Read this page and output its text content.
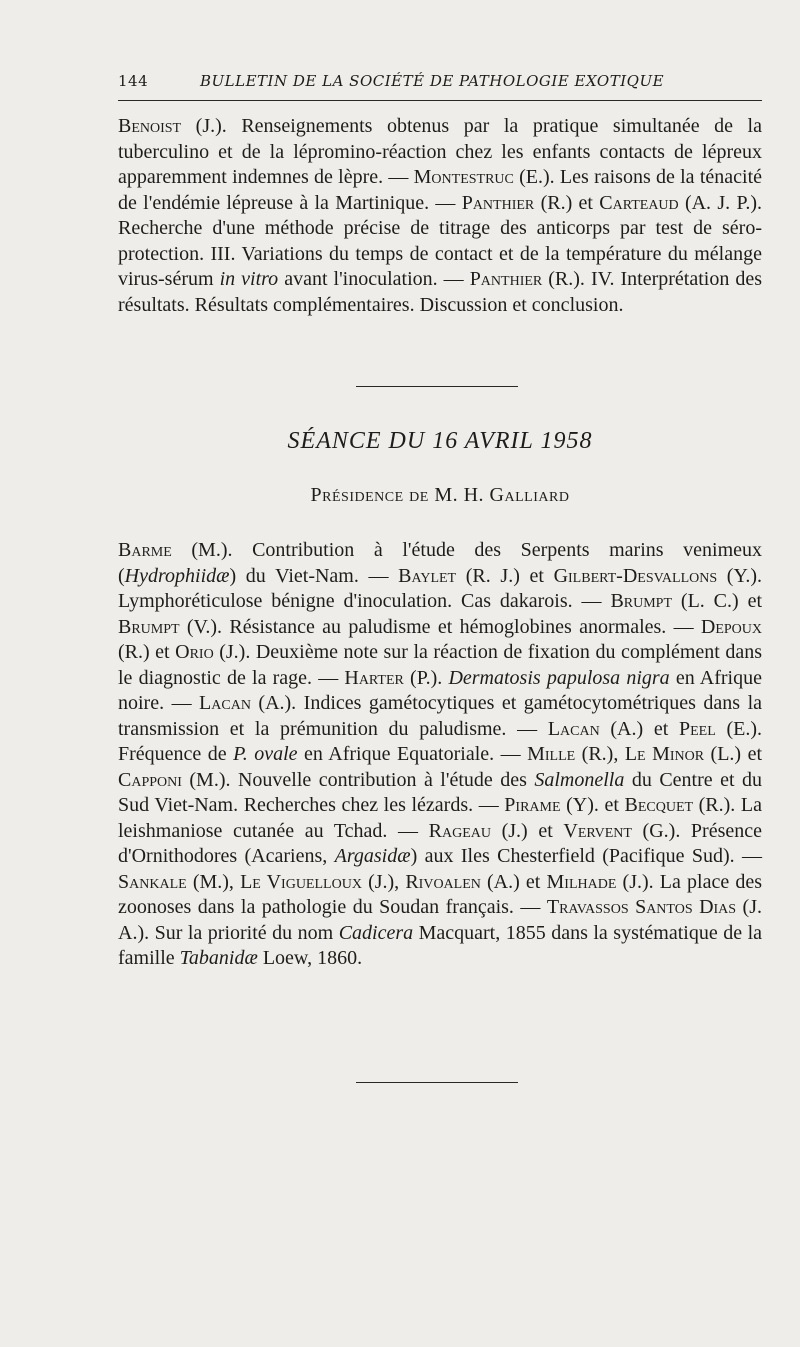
144	BULLETIN DE LA SOCIÉTÉ DE PATHOLOGIE EXOTIQUE

Benoist (J.). Renseignements obtenus par la pratique simultanée de la tuberculino et de la lépromino-réaction chez les enfants contacts de lépreux apparemment indemnes de lèpre. — Montestruc (E.). Les raisons de la ténacité de l'endémie lépreuse à la Martinique. — Panthier (R.) et Carteaud (A. J. P.). Recherche d'une méthode précise de titrage des anticorps par test de séro-protection. III. Variations du temps de contact et de la température du mélange virus-sérum in vitro avant l'inoculation. — Panthier (R.). IV. Interprétation des résultats. Résultats complémentaires. Discussion et conclusion.

SÉANCE DU 16 AVRIL 1958
Présidence de M. H. Galliard

Barme (M.). Contribution à l'étude des Serpents marins venimeux (Hydrophiidæ) du Viet-Nam. — Baylet (R. J.) et Gilbert-Desvallons (Y.). Lymphoréticulose bénigne d'inoculation. Cas dakarois. — Brumpt (L. C.) et Brumpt (V.). Résistance au paludisme et hémoglobines anormales. — Depoux (R.) et Orio (J.). Deuxième note sur la réaction de fixation du complément dans le diagnostic de la rage. — Harter (P.). Dermatosis papulosa nigra en Afrique noire. — Lacan (A.). Indices gamétocytiques et gamétocytométriques dans la transmission et la prémunition du paludisme. — Lacan (A.) et Peel (E.). Fréquence de P. ovale en Afrique Equatoriale. — Mille (R.), Le Minor (L.) et Capponi (M.). Nouvelle contribution à l'étude des Salmonella du Centre et du Sud Viet-Nam. Recherches chez les lézards. — Pirame (Y). et Becquet (R.). La leishmaniose cutanée au Tchad. — Rageau (J.) et Vervent (G.). Présence d'Ornithodores (Acariens, Argasidæ) aux Iles Chesterfield (Pacifique Sud). — Sankale (M.), Le Viguelloux (J.), Rivoalen (A.) et Milhade (J.). La place des zoonoses dans la pathologie du Soudan français. — Travassos Santos Dias (J. A.). Sur la priorité du nom Cadicera Macquart, 1855 dans la systématique de la famille Tabanidæ Loew, 1860.
